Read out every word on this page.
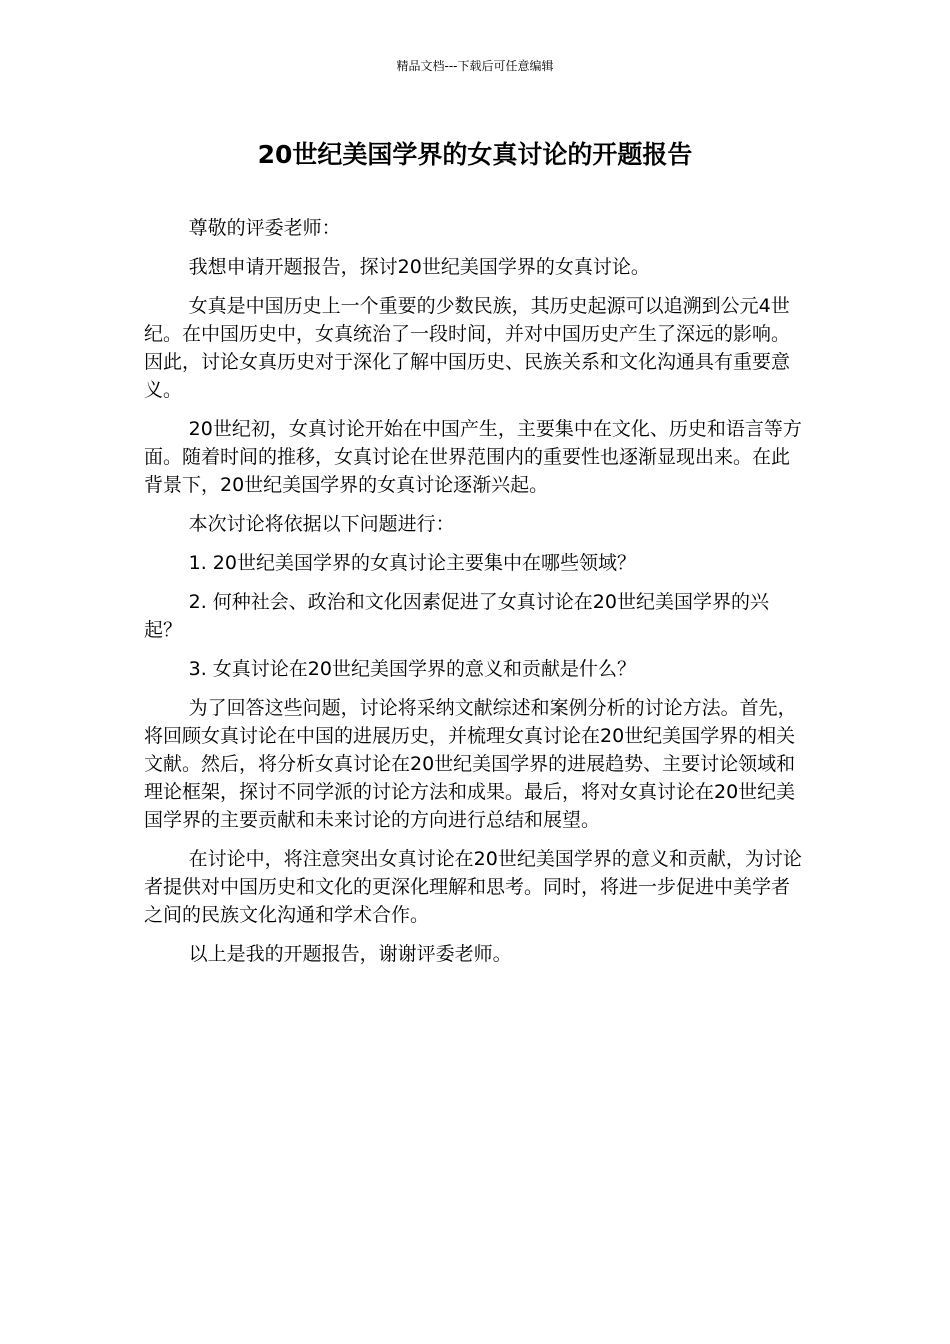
精品文档---下载后可任意编辑
20世纪美国学界的女真讨论的开题报告

尊敬的评委老师：

我想申请开题报告，探讨20世纪美国学界的女真讨论。

女真是中国历史上一个重要的少数民族，其历史起源可以追溯到公元4世纪。在中国历史中，女真统治了一段时间，并对中国历史产生了深远的影响。因此，讨论女真历史对于深化了解中国历史、民族关系和文化沟通具有重要意义。

20世纪初，女真讨论开始在中国产生，主要集中在文化、历史和语言等方面。随着时间的推移，女真讨论在世界范围内的重要性也逐渐显现出来。在此背景下，20世纪美国学界的女真讨论逐渐兴起。

本次讨论将依据以下问题进行：

1. 20世纪美国学界的女真讨论主要集中在哪些领域？

2. 何种社会、政治和文化因素促进了女真讨论在20世纪美国学界的兴起？

3. 女真讨论在20世纪美国学界的意义和贡献是什么？

为了回答这些问题，讨论将采纳文献综述和案例分析的讨论方法。首先，将回顾女真讨论在中国的进展历史，并梳理女真讨论在20世纪美国学界的相关文献。然后，将分析女真讨论在20世纪美国学界的进展趋势、主要讨论领域和理论框架，探讨不同学派的讨论方法和成果。最后，将对女真讨论在20世纪美国学界的主要贡献和未来讨论的方向进行总结和展望。

在讨论中，将注意突出女真讨论在20世纪美国学界的意义和贡献，为讨论者提供对中国历史和文化的更深化理解和思考。同时，将进一步促进中美学者之间的民族文化沟通和学术合作。

以上是我的开题报告，谢谢评委老师。
